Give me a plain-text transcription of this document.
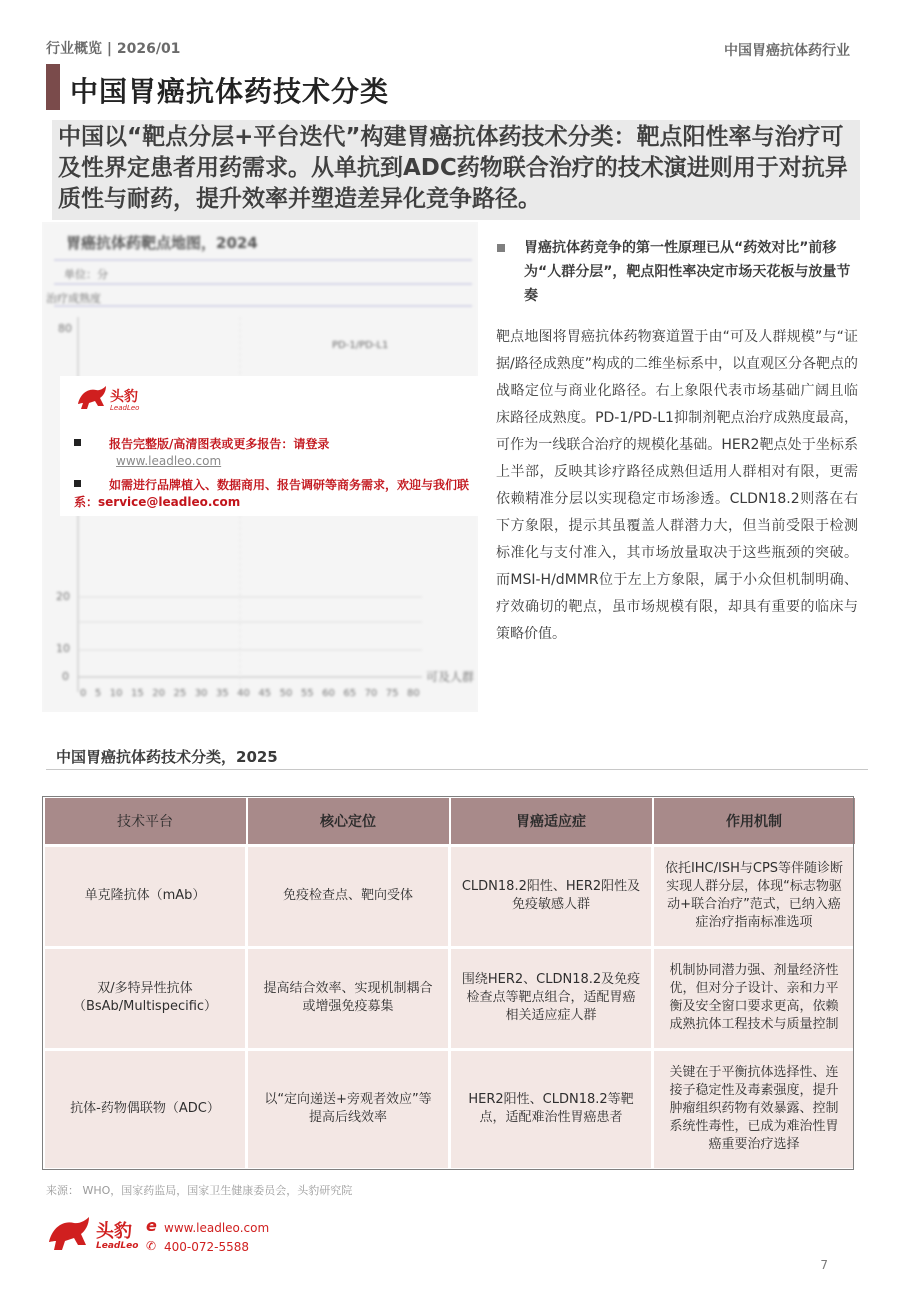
行业概览 | 2026/01	中国胃癌抗体药行业
中国胃癌抗体药技术分类
中国以“靶点分层+平台迭代”构建胃癌抗体药技术分类：靶点阳性率与治疗可及性界定患者用药需求。从单抗到ADC药物联合治疗的技术演进则用于对抗异质性与耐药，提升效率并塑造差异化竞争路径。
胃癌抗体药靶点地图，2024
单位：分
治疗成熟度
80
PD-1/PD-L1
20
10
0	可及人群
0 5 10 15 20 25 30 35 40 45 50 55 60 65 70 75 80
头豹
LeadLeo
报告完整版/高清图表或更多报告：请登录
www.leadleo.com
如需进行品牌植入、数据商用、报告调研等商务需求，欢迎与我们联系：service@leadleo.com
胃癌抗体药竞争的第一性原理已从“药效对比”前移为“人群分层”，靶点阳性率决定市场天花板与放量节奏
靶点地图将胃癌抗体药物赛道置于由“可及人群规模”与“证据/路径成熟度”构成的二维坐标系中，以直观区分各靶点的战略定位与商业化路径。右上象限代表市场基础广阔且临床路径成熟度。PD-1/PD-L1抑制剂靶点治疗成熟度最高，可作为一线联合治疗的规模化基础。HER2靶点处于坐标系上半部，反映其诊疗路径成熟但适用人群相对有限，更需依赖精准分层以实现稳定市场渗透。CLDN18.2则落在右下方象限，提示其虽覆盖人群潜力大，但当前受限于检测标准化与支付准入，其市场放量取决于这些瓶颈的突破。而MSI-H/dMMR位于左上方象限，属于小众但机制明确、疗效确切的靶点，虽市场规模有限，却具有重要的临床与策略价值。
中国胃癌抗体药技术分类，2025
技术平台	核心定位	胃癌适应症	作用机制
单克隆抗体（mAb）	免疫检查点、靶向受体	CLDN18.2阳性、HER2阳性及免疫敏感人群	依托IHC/ISH与CPS等伴随诊断实现人群分层，体现“标志物驱动+联合治疗”范式，已纳入癌症治疗指南标准选项
双/多特异性抗体（BsAb/Multispecific）	提高结合效率、实现机制耦合或增强免疫募集	围绕HER2、CLDN18.2及免疫检查点等靶点组合，适配胃癌相关适应症人群	机制协同潜力强、剂量经济性优，但对分子设计、亲和力平衡及安全窗口要求更高，依赖成熟抗体工程技术与质量控制
抗体-药物偶联物（ADC）	以“定向递送+旁观者效应”等提高后线效率	HER2阳性、CLDN18.2等靶点，适配难治性胃癌患者	关键在于平衡抗体选择性、连接子稳定性及毒素强度，提升肿瘤组织药物有效暴露、控制系统性毒性，已成为难治性胃癌重要治疗选择
来源： WHO，国家药监局，国家卫生健康委员会，头豹研究院
头豹
LeadLeo
e www.leadleo.com
✆ 400-072-5588
7
